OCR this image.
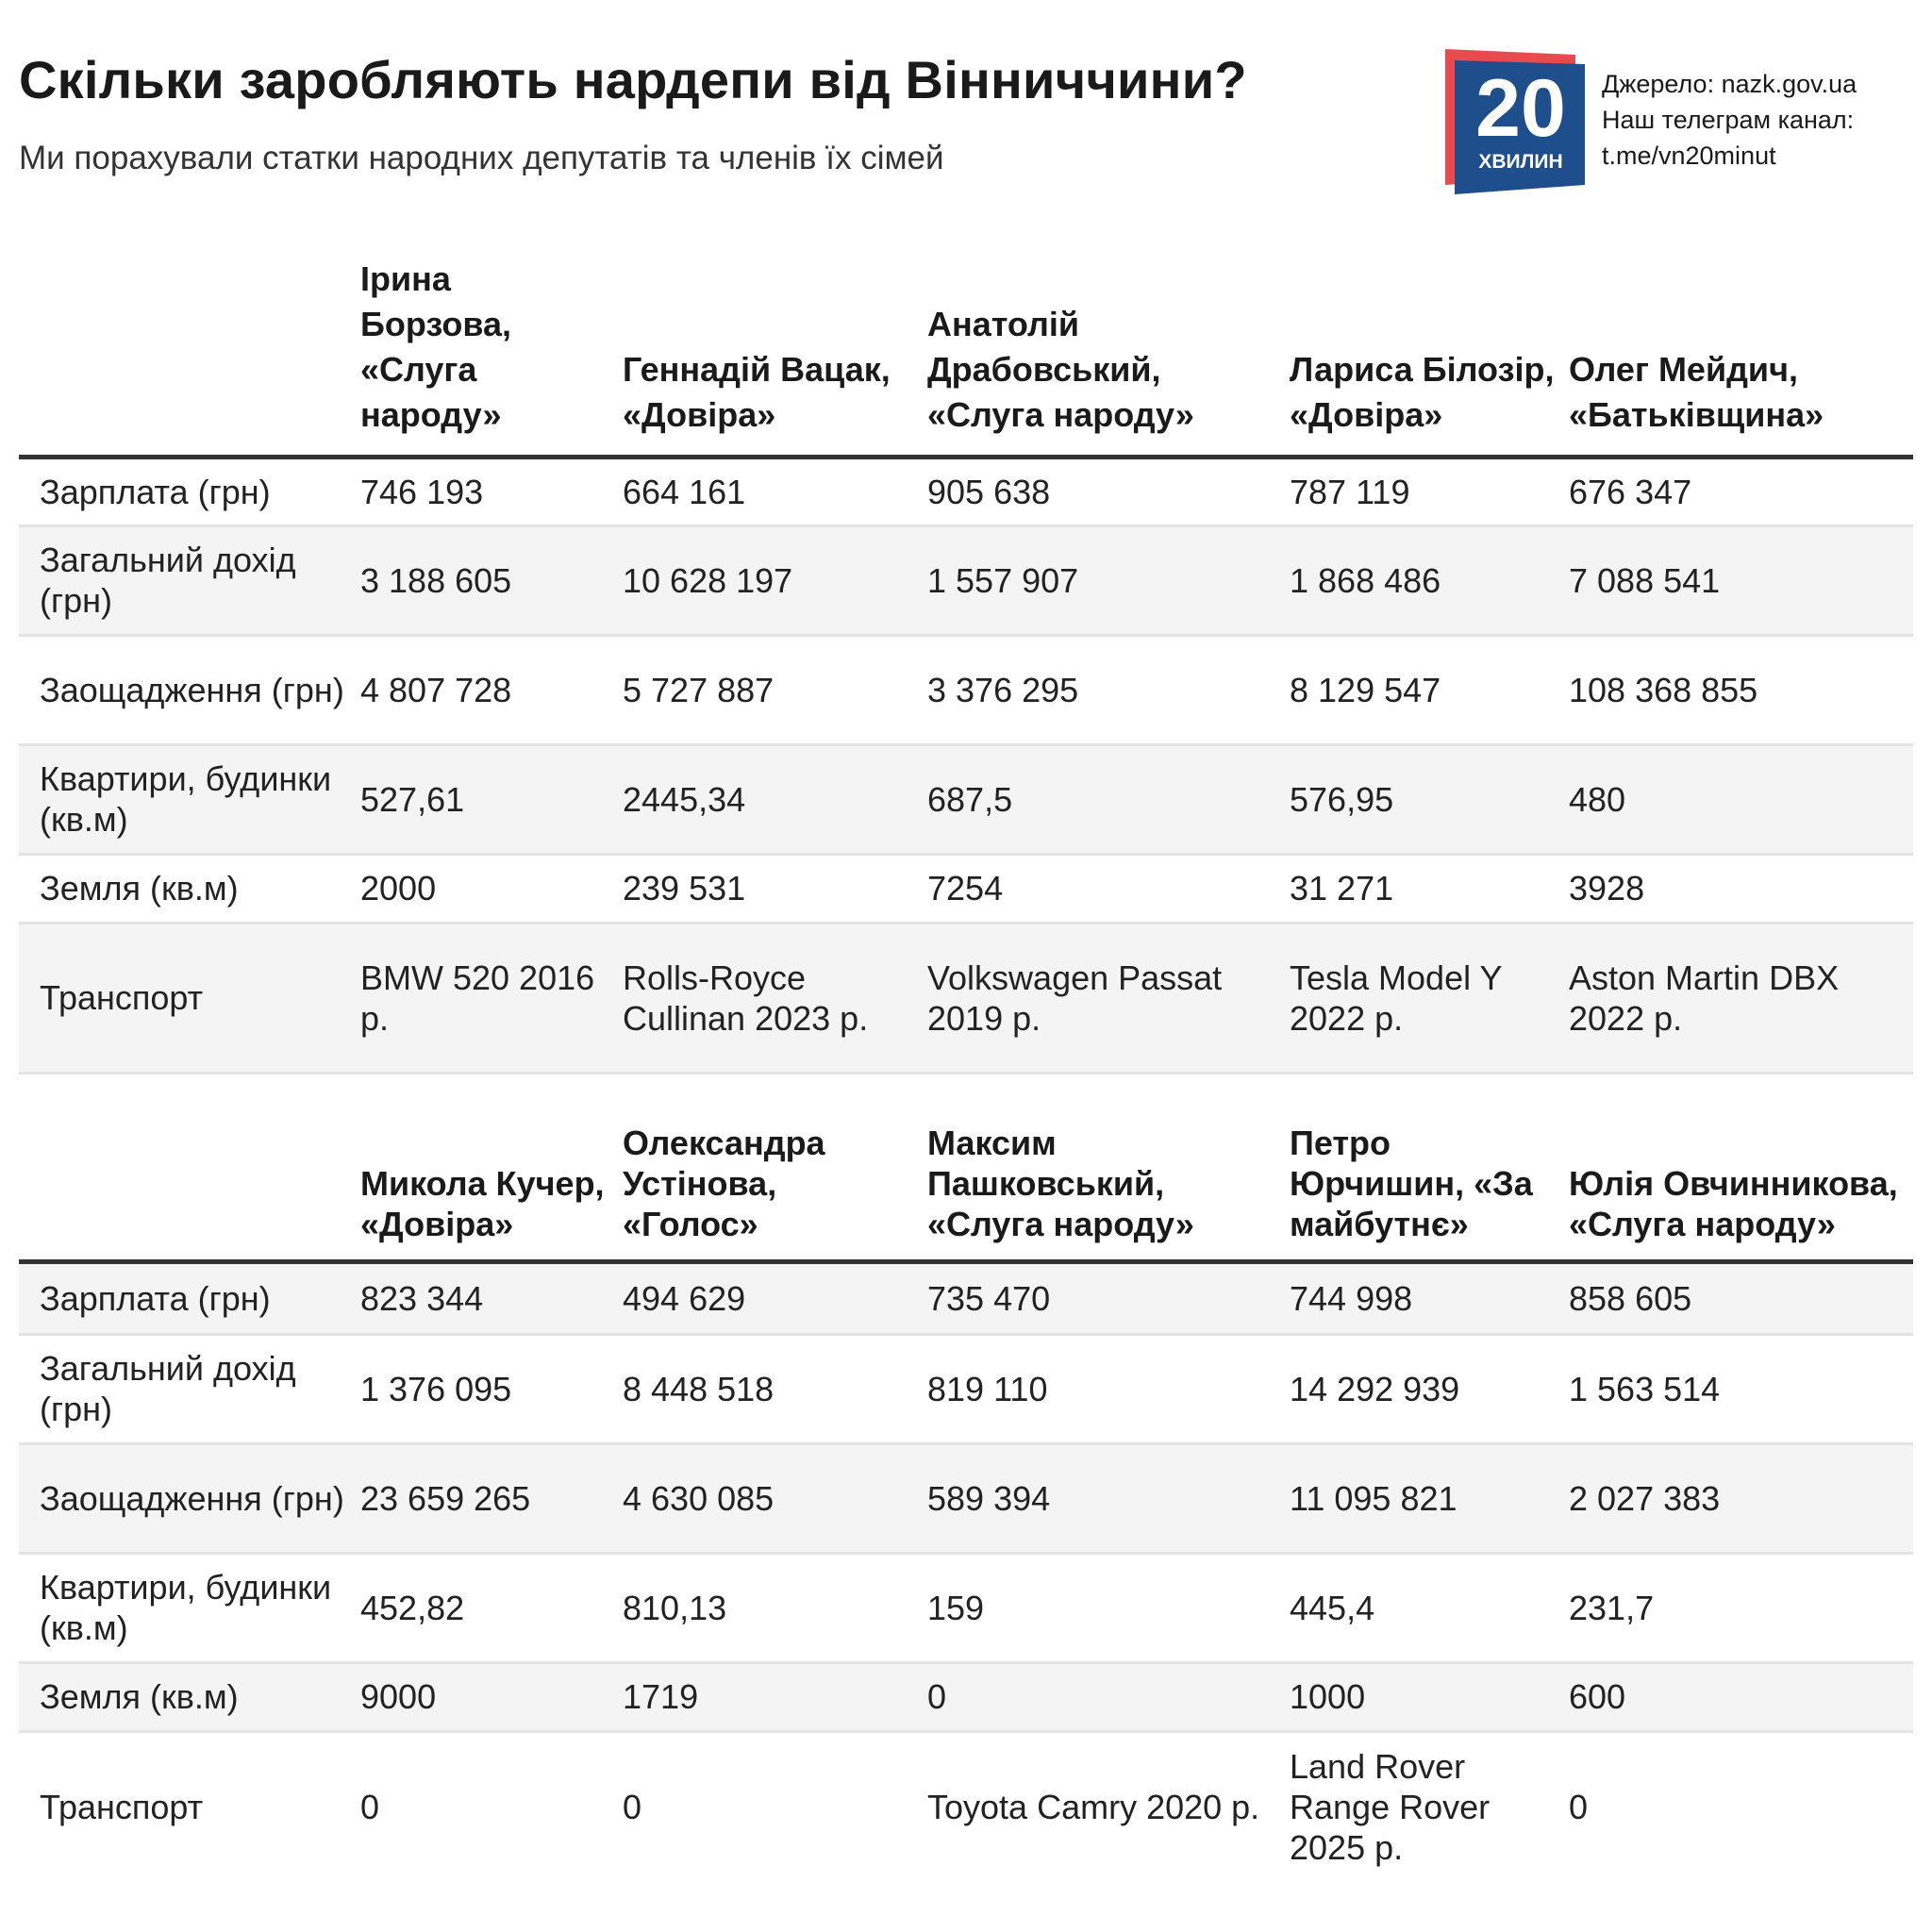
Скільки заробляють нардепи від Вінниччини?

Ми порахували статки народних депутатів та членів їх сімей

20
ХВИЛИН
Джерело: nazk.gov.ua
Наш телеграм канал:
t.me/vn20minut
	Ірина Борзова, «Слуга народу»	Геннадій Вацак, «Довіра»	Анатолій Драбовський, «Слуга народу»	Лариса Білозір, «Довіра»	Олег Мейдич, «Батьківщина»
Зарплата (грн)	746 193	664 161	905 638	787 119	676 347
Загальний дохід (грн)	3 188 605	10 628 197	1 557 907	1 868 486	7 088 541
Заощадження (грн)	4 807 728	5 727 887	3 376 295	8 129 547	108 368 855
Квартири, будинки (кв.м)	527,61	2445,34	687,5	576,95	480
Земля (кв.м)	2000	239 531	7254	31 271	3928
Транспорт	BMW 520 2016 р.	Rolls-Royce Cullinan 2023 р.	Volkswagen Passat 2019 р.	Tesla Model Y 2022 р.	Aston Martin DBX 2022 р.
	Микола Кучер, «Довіра»	Олександра Устінова, «Голос»	Максим Пашковський, «Слуга народу»	Петро Юрчишин, «За майбутнє»	Юлія Овчинникова, «Слуга народу»
Зарплата (грн)	823 344	494 629	735 470	744 998	858 605
Загальний дохід (грн)	1 376 095	8 448 518	819 110	14 292 939	1 563 514
Заощадження (грн)	23 659 265	4 630 085	589 394	11 095 821	2 027 383
Квартири, будинки (кв.м)	452,82	810,13	159	445,4	231,7
Земля (кв.м)	9000	1719	0	1000	600
Транспорт	0	0	Toyota Camry 2020 р.	Land Rover Range Rover 2025 р.	0
